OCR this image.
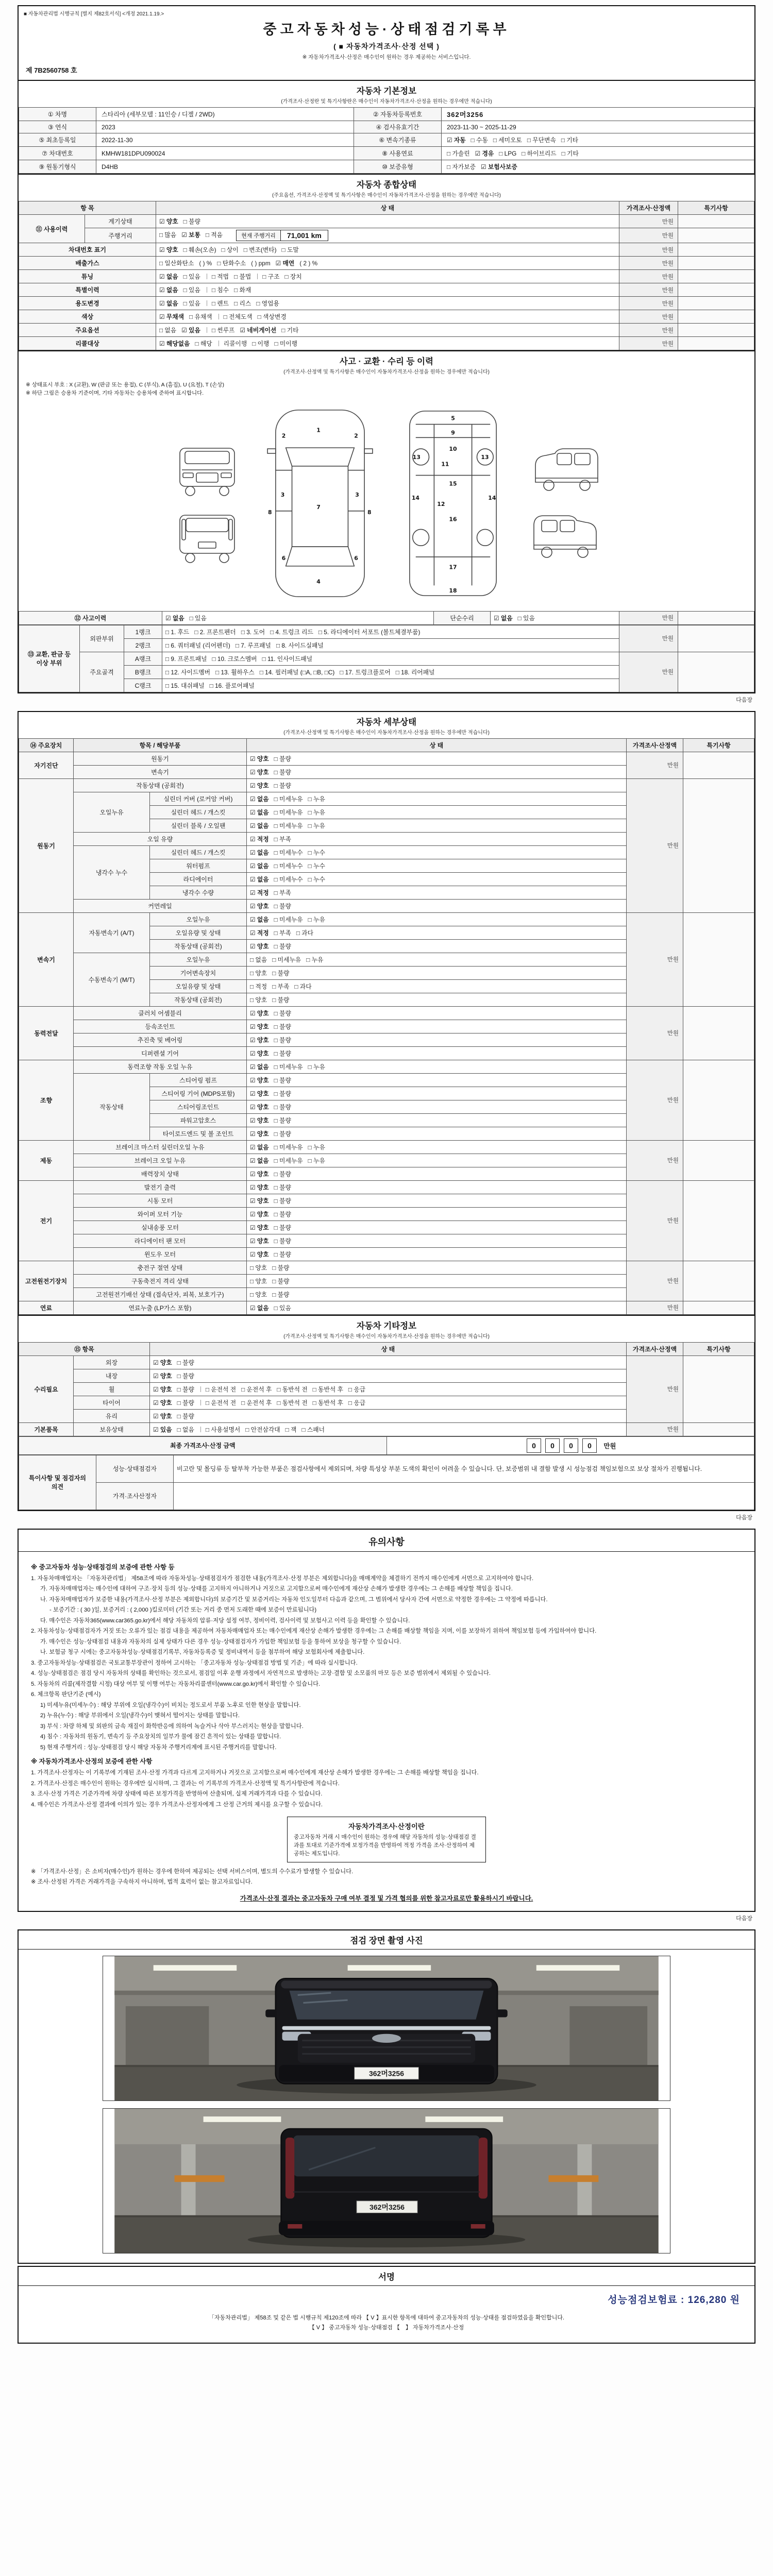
■ 자동차관리법 시행규칙 [별지 제82호서식] <개정 2021.1.19.>
중고자동차성능·상태점검기록부
( ■ 자동차가격조사·산정 선택 )
※ 자동차가격조사·산정은 매수인이 원하는 경우 제공하는 서비스입니다.
제 7B2560758 호
자동차 기본정보
(가격조사·산정란 및 특기사항란은 매수인이 자동차가격조사·산정을 원하는 경우에만 적습니다)
① 차명	스타리아 (세부모델 : 11인승 / 디젤 / 2WD)	② 자동차등록번호	362머3256
③ 연식	2023	④ 검사유효기간	2023-11-30 ~ 2025-11-29
⑤ 최초등록일	2022-11-30	⑥ 변속기종류	☑ 자동 □ 수동 □ 세미오토 □ 무단변속 □ 기타
⑦ 차대번호	KMHW181DPU090024	⑧ 사용연료	□ 가솔린 ☑ 경유 □ LPG □ 하이브리드 □ 기타
⑨ 원동기형식	D4HB	⑩ 보증유형	□ 자가보증 ☑ 보험사보증
자동차 종합상태
(주요옵션, 가격조사·산정액 및 특기사항은 매수인이 자동차가격조사·산정을 원하는 경우에만 적습니다)
항 목		상 태	가격조사·산정액	특기사항
⑪ 사용이력	계기상태	☑ 양호 □ 불량	만원	
	주행거리	□ 많음 ☑ 보통 □ 적음 현재 주행거리 71,001 km	만원	
차대번호 표기		☑ 양호 □ 훼손(오손) □ 상이 □ 변조(변타) □ 도말	만원	
배출가스		□ 일산화탄소 ( ) % □ 탄화수소 ( ) ppm ☑ 매연 ( 2 ) %	만원	
튜닝		☑ 없음 □ 있음 □ 적법 □ 불법 □ 구조 □ 장치	만원	
특별이력		☑ 없음 □ 있음 □ 침수 □ 화재	만원	
용도변경		☑ 없음 □ 있음 □ 렌트 □ 리스 □ 영업용	만원	
색상		☑ 무채색 □ 유채색 □ 전체도색 □ 색상변경	만원	
주요옵션		□ 없음 ☑ 있음 □ 썬루프 ☑ 네비게이션 □ 기타	만원	
리콜대상		☑ 해당없음 □ 해당 리콜이행 □ 이행 □ 미이행	만원	
사고 · 교환 · 수리 등 이력
(가격조사·산정액 및 특기사항은 매수인이 자동차가격조사·산정을 원하는 경우에만 적습니다)
※ 상태표시 부호 : X (교환), W (판금 또는 용접), C (부식), A (흠집), U (요철), T (손상)
※ 하단 그림은 승용차 기준이며, 기타 자동차는 승용차에 준하여 표시합니다.
1
2	2
3	3
7
6	6
4
8	8
5
9
10
11
12
13	13
14	14
15
16
17
18
⑫ 사고이력	☑ 없음 □ 있음	단순수리	☑ 없음 □ 있음	만원	
⑬ 교환, 판금 등 이상 부위	외판부위	1랭크	□ 1. 후드 □ 2. 프론트펜더 □ 3. 도어 □ 4. 트렁크 리드 □ 5. 라디에이터 서포트 (볼트체결부품)	만원	
		2랭크	□ 6. 쿼터패널 (리어펜더) □ 7. 루프패널 □ 8. 사이드실패널		
	주요골격	A랭크	□ 9. 프론트패널 □ 10. 크로스멤버 □ 11. 인사이드패널	만원	
		B랭크	□ 12. 사이드멤버 □ 13. 휠하우스 □ 14. 필러패널 (□A, □B, □C) □ 17. 트렁크플로어 □ 18. 리어패널		
		C랭크	□ 15. 대쉬패널 □ 16. 플로어패널		
다음장
자동차 세부상태
(가격조사·산정액 및 특기사항은 매수인이 자동차가격조사·산정을 원하는 경우에만 적습니다)
⑭ 주요장치	항목 / 해당부품		상 태	가격조사·산정액	특기사항
자기진단	원동기		☑ 양호 □ 불량	만원	
	변속기		☑ 양호 □ 불량		
원동기	작동상태 (공회전)		☑ 양호 □ 불량	만원	
	오일누유	실린더 커버 (로커암 커버)	☑ 없음 □ 미세누유 □ 누유		
		실린더 헤드 / 개스킷	☑ 없음 □ 미세누유 □ 누유		
		실린더 블록 / 오일팬	☑ 없음 □ 미세누유 □ 누유		
	오일 유량		☑ 적정 □ 부족		
	냉각수 누수	실린더 헤드 / 개스킷	☑ 없음 □ 미세누수 □ 누수		
		워터펌프	☑ 없음 □ 미세누수 □ 누수		
		라디에이터	☑ 없음 □ 미세누수 □ 누수		
		냉각수 수량	☑ 적정 □ 부족		
	커먼레일		☑ 양호 □ 불량		
변속기	자동변속기 (A/T)	오일누유	☑ 없음 □ 미세누유 □ 누유	만원	
		오일유량 및 상태	☑ 적정 □ 부족 □ 과다		
		작동상태 (공회전)	☑ 양호 □ 불량		
	수동변속기 (M/T)	오일누유	□ 없음 □ 미세누유 □ 누유		
		기어변속장치	□ 양호 □ 불량		
		오일유량 및 상태	□ 적정 □ 부족 □ 과다		
		작동상태 (공회전)	□ 양호 □ 불량		
동력전달	클러치 어셈블리		☑ 양호 □ 불량	만원	
	등속조인트		☑ 양호 □ 불량		
	추진축 및 베어링		☑ 양호 □ 불량		
	디퍼렌셜 기어		☑ 양호 □ 불량		
조향	동력조향 작동 오일 누유		☑ 없음 □ 미세누유 □ 누유	만원	
	작동상태	스티어링 펌프	☑ 양호 □ 불량		
		스티어링 기어 (MDPS포함)	☑ 양호 □ 불량		
		스티어링조인트	☑ 양호 □ 불량		
		파워고압호스	☑ 양호 □ 불량		
		타이로드엔드 및 볼 조인트	☑ 양호 □ 불량		
제동	브레이크 마스터 실린더오일 누유		☑ 없음 □ 미세누유 □ 누유	만원	
	브레이크 오일 누유		☑ 없음 □ 미세누유 □ 누유		
	배력장치 상태		☑ 양호 □ 불량		
전기	발전기 출력		☑ 양호 □ 불량	만원	
	시동 모터		☑ 양호 □ 불량		
	와이퍼 모터 기능		☑ 양호 □ 불량		
	실내송풍 모터		☑ 양호 □ 불량		
	라디에이터 팬 모터		☑ 양호 □ 불량		
	윈도우 모터		☑ 양호 □ 불량		
고전원전기장치	충전구 절연 상태		□ 양호 □ 불량	만원	
	구동축전지 격리 상태		□ 양호 □ 불량		
	고전원전기배선 상태 (접속단자, 피복, 보호기구)		□ 양호 □ 불량		
연료	연료누출 (LP가스 포함)		☑ 없음 □ 있음	만원	
자동차 기타정보
(가격조사·산정액 및 특기사항은 매수인이 자동차가격조사·산정을 원하는 경우에만 적습니다)
⑮ 항목		상 태	가격조사·산정액	특기사항
수리필요	외장	☑ 양호 □ 불량	만원	
	내장	☑ 양호 □ 불량		
	휠	☑ 양호 □ 불량 □ 운전석 전 □ 운전석 후 □ 동반석 전 □ 동반석 후 □ 응급		
	타이어	☑ 양호 □ 불량 □ 운전석 전 □ 운전석 후 □ 동반석 전 □ 동반석 후 □ 응급		
	유리	☑ 양호 □ 불량		
기본품목	보유상태	☑ 있음 □ 없음 □ 사용설명서 □ 안전삼각대 □ 잭 □ 스패너	만원	
최종 가격조사·산정 금액	0 0 0 0 만원
특이사항 및 점검자의 의견	성능·상태점검자	비고란 및 몰딩류 등 탈부착 가능한 부품은 점검사항에서 제외되며, 차량 특성상 부분 도색의 확인이 어려울 수 있습니다. 단, 보증범위 내 결함 발생 시 성능점검 책임보험으로 보상 절차가 진행됩니다.
	가격·조사산정자	
다음장
유의사항
※ 중고자동차 성능·상태점검의 보증에 관한 사항 등
1. 자동차매매업자는 「자동차관리법」 제58조에 따라 자동차성능·상태점검자가 점검한 내용(가격조사·산정 부분은 제외합니다)을 매매계약을 체결하기 전까지 매수인에게 서면으로 고지하여야 합니다.
가. 자동차매매업자는 매수인에 대하여 구조·장치 등의 성능·상태를 고지하지 아니하거나 거짓으로 고지함으로써 매수인에게 재산상 손해가 발생한 경우에는 그 손해를 배상할 책임을 집니다.
나. 자동차매매업자가 보증한 내용(가격조사·산정 부분은 제외합니다)의 보증기간 및 보증거리는 자동차 인도일부터 다음과 같으며, 그 범위에서 당사자 간에 서면으로 약정한 경우에는 그 약정에 따릅니다.
- 보증기간 : ( 30 )일, 보증거리 : ( 2,000 )킬로미터 (기간 또는 거리 중 먼저 도래한 때에 보증이 만료됩니다)
다. 매수인은 자동차365(www.car365.go.kr)에서 해당 자동차의 압류·저당 설정 여부, 정비이력, 검사이력 및 보험사고 이력 등을 확인할 수 있습니다.
2. 자동차성능·상태점검자가 거짓 또는 오류가 있는 점검 내용을 제공하여 자동차매매업자 또는 매수인에게 재산상 손해가 발생한 경우에는 그 손해를 배상할 책임을 지며, 이를 보장하기 위하여 책임보험 등에 가입하여야 합니다.
가. 매수인은 성능·상태점검 내용과 자동차의 실제 상태가 다른 경우 성능·상태점검자가 가입한 책임보험 등을 통하여 보상을 청구할 수 있습니다.
나. 보험금 청구 시에는 중고자동차성능·상태점검기록부, 자동차등록증 및 정비내역서 등을 첨부하여 해당 보험회사에 제출합니다.
3. 중고자동차성능·상태점검은 국토교통부장관이 정하여 고시하는 「중고자동차 성능·상태점검 방법 및 기준」에 따라 실시합니다.
4. 성능·상태점검은 점검 당시 자동차의 상태를 확인하는 것으로서, 점검일 이후 운행 과정에서 자연적으로 발생하는 고장·결함 및 소모품의 마모 등은 보증 범위에서 제외될 수 있습니다.
5. 자동차의 리콜(제작결함 시정) 대상 여부 및 이행 여부는 자동차리콜센터(www.car.go.kr)에서 확인할 수 있습니다.
6. 체크항목 판단기준 (예시)
1) 미세누유(미세누수) : 해당 부위에 오일(냉각수)이 비치는 정도로서 부품 노후로 인한 현상을 말합니다.
2) 누유(누수) : 해당 부위에서 오일(냉각수)이 맺혀서 떨어지는 상태를 말합니다.
3) 부식 : 차량 하체 및 외판의 금속 재질이 화학반응에 의하여 녹슬거나 삭아 부스러지는 현상을 말합니다.
4) 침수 : 자동차의 원동기, 변속기 등 주요장치의 일부가 물에 잠긴 흔적이 있는 상태를 말합니다.
5) 현재 주행거리 : 성능·상태점검 당시 해당 자동차 주행거리계에 표시된 주행거리를 말합니다.
※ 자동차가격조사·산정의 보증에 관한 사항
1. 가격조사·산정자는 이 기록부에 기재된 조사·산정 가격과 다르게 고지하거나 거짓으로 고지함으로써 매수인에게 재산상 손해가 발생한 경우에는 그 손해를 배상할 책임을 집니다.
2. 가격조사·산정은 매수인이 원하는 경우에만 실시하며, 그 결과는 이 기록부의 가격조사·산정액 및 특기사항란에 적습니다.
3. 조사·산정 가격은 기준가격에 차량 상태에 따른 보정가격을 반영하여 산출되며, 실제 거래가격과 다를 수 있습니다.
4. 매수인은 가격조사·산정 결과에 이의가 있는 경우 가격조사·산정자에게 그 산정 근거의 제시를 요구할 수 있습니다.
자동차가격조사·산정이란
중고자동차 거래 시 매수인이 원하는 경우에 해당 자동차의 성능·상태점검 결과를 토대로 기준가격에 보정가격을 반영하여 적정 가격을 조사·산정하여 제공하는 제도입니다.
※ 「가격조사·산정」은 소비자(매수인)가 원하는 경우에 한하여 제공되는 선택 서비스이며, 별도의 수수료가 발생할 수 있습니다.
※ 조사·산정된 가격은 거래가격을 구속하지 아니하며, 법적 효력이 없는 참고자료입니다.
가격조사·산정 결과는 중고자동차 구매 여부 결정 및 가격 협의를 위한 참고자료로만 활용하시기 바랍니다.
다음장
점검 장면 촬영 사진
362머3256
362머3256
서명
성능점검보험료 : 126,280 원
「자동차관리법」 제58조 및 같은 법 시행규칙 제120조에 따라 【 V 】표시한 항목에 대하여 중고자동차의 성능·상태를 점검하였음을 확인합니다.
【 V 】 중고자동차 성능·상태점검 【　】 자동차가격조사·산정
